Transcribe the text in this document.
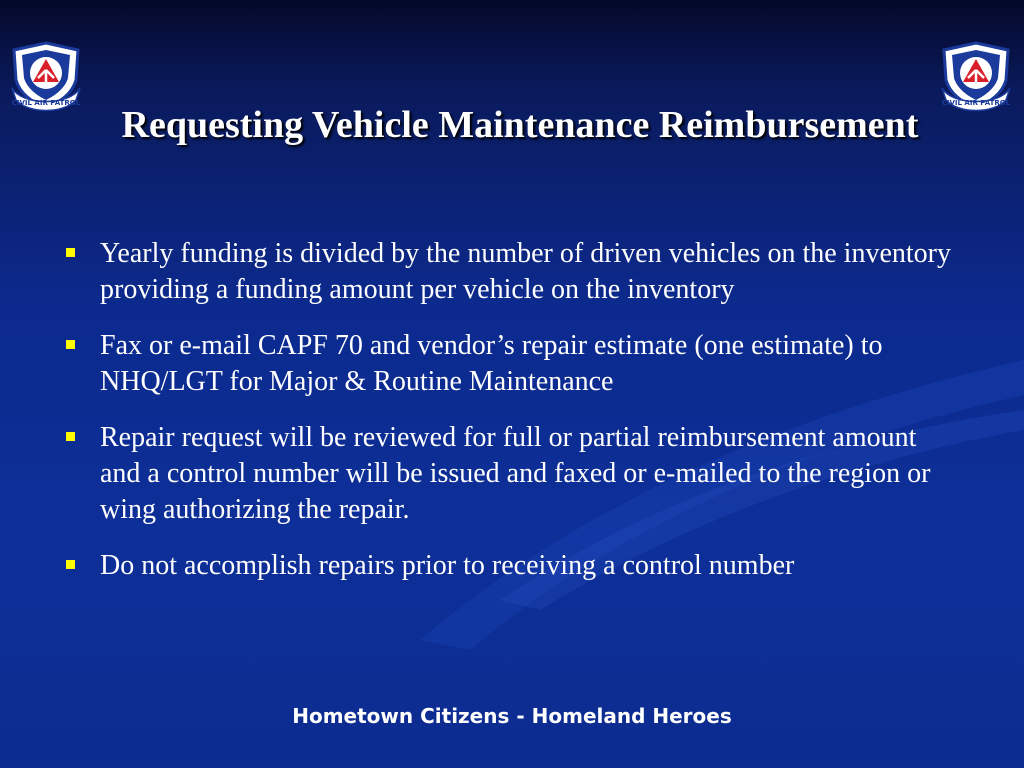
CIVIL AIR PATROL	CIVIL AIR PATROL
Requesting Vehicle Maintenance Reimbursement
Yearly funding is divided by the number of driven vehicles on the inventory providing a funding amount per vehicle on the inventory
Fax or e-mail CAPF 70 and vendor’s repair estimate (one estimate) to NHQ/LGT for Major & Routine Maintenance
Repair request will be reviewed for full or partial reimbursement amount and a control number will be issued and faxed or e-mailed to the region or wing authorizing the repair.
Do not accomplish repairs prior to receiving a control number

Hometown Citizens - Homeland Heroes
